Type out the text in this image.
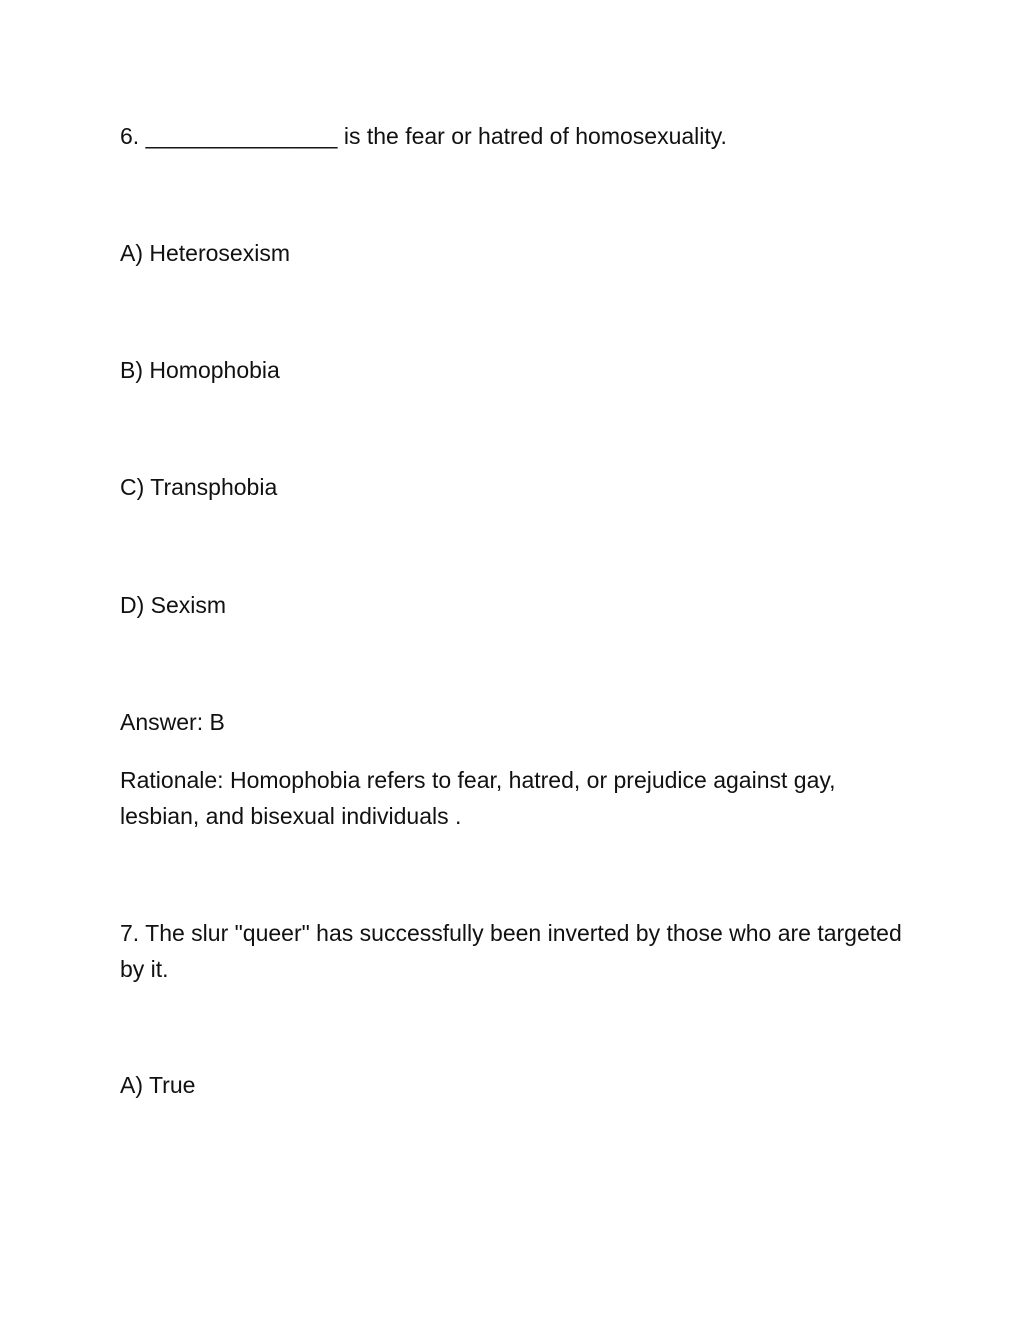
6. _______________ is the fear or hatred of homosexuality.
A) Heterosexism
B) Homophobia
C) Transphobia
D) Sexism
Answer: B
Rationale: Homophobia refers to fear, hatred, or prejudice against gay, lesbian, and bisexual individuals .
7. The slur "queer" has successfully been inverted by those who are targeted by it.
A) True
